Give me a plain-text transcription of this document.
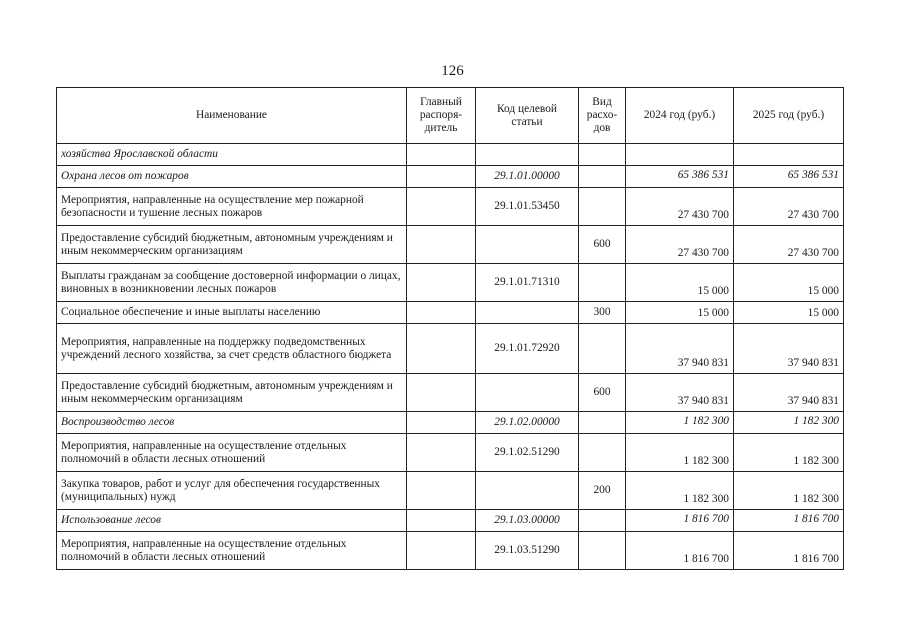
126
Наименование	Главный распоря- дитель	Код целевой статьи	Вид расхо- дов	2024 год (руб.)	2025 год (руб.)
хозяйства Ярославской области					
Охрана лесов от пожаров		29.1.01.00000		65 386 531	65 386 531
Мероприятия, направленные на осуществление мер пожарной безопасности и тушение лесных пожаров		29.1.01.53450		27 430 700	27 430 700
Предоставление субсидий бюджетным, автономным учреждениям и иным некоммерческим организациям			600	27 430 700	27 430 700
Выплаты гражданам за сообщение достоверной информации о лицах, виновных в возникновении лесных пожаров		29.1.01.71310		15 000	15 000
Социальное обеспечение и иные выплаты населению			300	15 000	15 000
Мероприятия, направленные на поддержку подведомственных учреждений лесного хозяйства, за счет средств областного бюджета		29.1.01.72920		37 940 831	37 940 831
Предоставление субсидий бюджетным, автономным учреждениям и иным некоммерческим организациям			600	37 940 831	37 940 831
Воспроизводство лесов		29.1.02.00000		1 182 300	1 182 300
Мероприятия, направленные на осуществление отдельных полномочий в области лесных отношений		29.1.02.51290		1 182 300	1 182 300
Закупка товаров, работ и услуг для обеспечения государственных (муниципальных) нужд			200	1 182 300	1 182 300
Использование лесов		29.1.03.00000		1 816 700	1 816 700
Мероприятия, направленные на осуществление отдельных полномочий в области лесных отношений		29.1.03.51290		1 816 700	1 816 700
